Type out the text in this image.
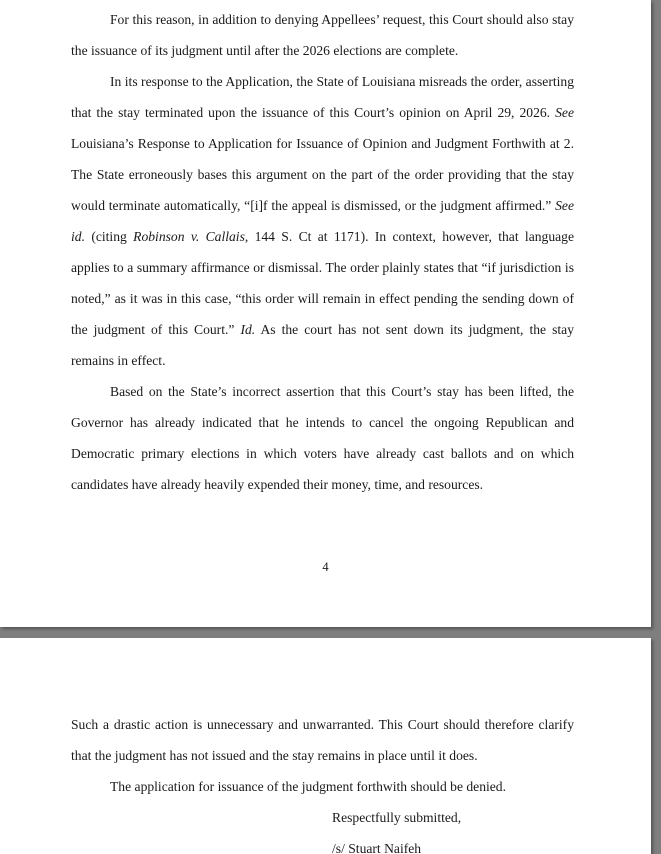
For this reason, in addition to denying Appellees’ request, this Court should also stay the issuance of its judgment until after the 2026 elections are complete.

In its response to the Application, the State of Louisiana misreads the order, asserting that the stay terminated upon the issuance of this Court’s opinion on April 29, 2026. See Louisiana’s Response to Application for Issuance of Opinion and Judgment Forthwith at 2. The State erroneously bases this argument on the part of the order providing that the stay would terminate automatically, “[i]f the appeal is dismissed, or the judgment affirmed.” See id. (citing Robinson v. Callais, 144 S. Ct at 1171). In context, however, that language applies to a summary affirmance or dismissal. The order plainly states that “if jurisdiction is noted,” as it was in this case, “this order will remain in effect pending the sending down of the judgment of this Court.” Id. As the court has not sent down its judgment, the stay remains in effect.

Based on the State’s incorrect assertion that this Court’s stay has been lifted, the Governor has already indicated that he intends to cancel the ongoing Republican and Democratic primary elections in which voters have already cast ballots and on which candidates have already heavily expended their money, time, and resources.

4

Such a drastic action is unnecessary and unwarranted. This Court should therefore clarify that the judgment has not issued and the stay remains in place until it does.

The application for issuance of the judgment forthwith should be denied.

Respectfully submitted,
/s/ Stuart Naifeh
